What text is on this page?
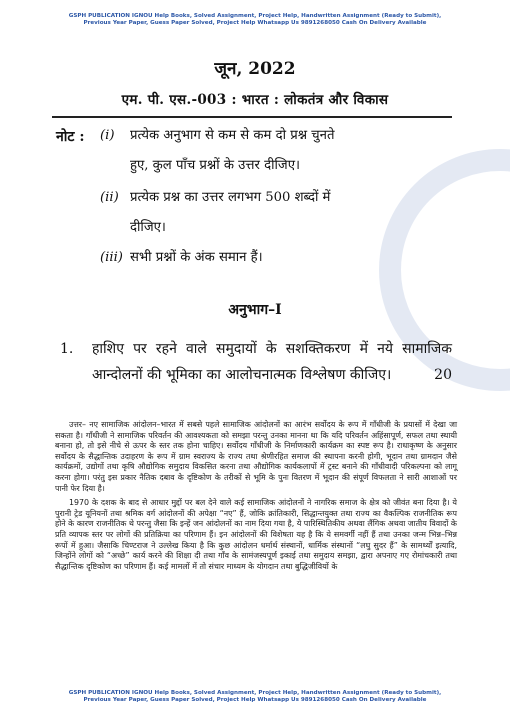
GSPH PUBLICATION IGNOU Help Books, Solved Assignment, Project Help, Handwritten Assignment (Ready to Submit),
Previous Year Paper, Guess Paper Solved, Project Help Whatsapp Us 9891268050 Cash On Delivery Available
जून, 2022
एम. पी. एस.-003 : भारत : लोकतंत्र और विकास
नोट : (i) प्रत्येक अनुभाग से कम से कम दो प्रश्न चुनते
हुए, कुल पाँच प्रश्नों के उत्तर दीजिए।
(ii) प्रत्येक प्रश्न का उत्तर लगभग 500 शब्दों में
दीजिए।
(iii) सभी प्रश्नों के अंक समान हैं।
अनुभाग–I
1. हाशिए पर रहने वाले समुदायों के सशक्तिकरण में नये सामाजिक आन्दोलनों की भूमिका का आलोचनात्मक विश्लेषण कीजिए।	20

उत्तर– नए सामाजिक आंदोलन–भारत में सबसे पहले सामाजिक आंदोलनों का आरंभ सर्वोदय के रूप में गाँधीजी के प्रयासों में देखा जा सकता है। गाँधीजी ने सामाजिक परिवर्तन की आवश्यकता को समझा परन्तु उनका मानना था कि यदि परिवर्तन अहिंसापूर्ण, सफल तथा स्थायी बनाना हो, तो इसे नीचे से ऊपर के स्तर तक होना चाहिए। सर्वोदय गाँधीजी के निर्माणकारी कार्यक्रम का स्पष्ट रूप है। राधाकृष्ण के अनुसार सर्वोदय के सैद्धान्तिक उदाहरण के रूप में ग्राम स्वराज्य के राज्य तथा श्रेणीरहित समाज की स्थापना करनी होगी, भूदान तथा ग्रामदान जैसे कार्यक्रमों, उद्योगों तथा कृषि औद्योगिक समुदाय विकसित करना तथा औद्योगिक कार्यकलापों में ट्रस्ट बनाने की गाँधीवादी परिकल्पना को लागू करना होगा। परंतु इस प्रकार नैतिक दबाव के दृष्टिकोण के तरीकों से भूमि के पुनः वितरण में भूदान की संपूर्ण विफलता ने सारी आशाओं पर पानी फेर दिया है।

1970 के दशक के बाद से आधार मुद्दों पर बल देने वाले कई सामाजिक आंदोलनों ने नागरिक समाज के क्षेत्र को जीवंत बना दिया है। ये पुरानी ट्रेड यूनियनों तथा श्रमिक वर्ग आंदोलनों की अपेक्षा “नए” हैं, जोकि क्रांतिकारी, सिद्धान्तयुक्त तथा राज्य का वैकल्पिक राजनीतिक रूप होने के कारण राजनीतिक थे परन्तु जैसा कि इन्हें जन आंदोलनों का नाम दिया गया है, ये पारिस्थितिकीय अथवा लैंगिक अथवा जातीय विवादों के प्रति व्यापक स्तर पर लोगों की प्रतिक्रिया का परिणाम हैं। इन आंदोलनों की विशेषता यह है कि ये समवर्गी नहीं हैं तथा उनका जन्म भिन्न–भिन्न रूपों में हुआ। जैसाकि चिण्टराज ने उल्लेख किया है कि कुछ आंदोलन धर्मार्थ संस्थानों, धार्मिक संस्थानों “लघु सुदर हैं” के सामर्थ्यों इत्यादि, जिन्होंने लोगों को “अच्छे” कार्य करने की शिक्षा दी तथा गाँव के सामंजस्यपूर्ण इकाई तथा समुदाय समझा, द्वारा अपनाए गए रोमांचकारी तथा सैद्धान्तिक दृष्टिकोण का परिणाम हैं। कई मामलों में तो संचार माध्यम के योगदान तथा बुद्धिजीवियों के

GSPH PUBLICATION IGNOU Help Books, Solved Assignment, Project Help, Handwritten Assignment (Ready to Submit),
Previous Year Paper, Guess Paper Solved, Project Help Whatsapp Us 9891268050 Cash On Delivery Available
